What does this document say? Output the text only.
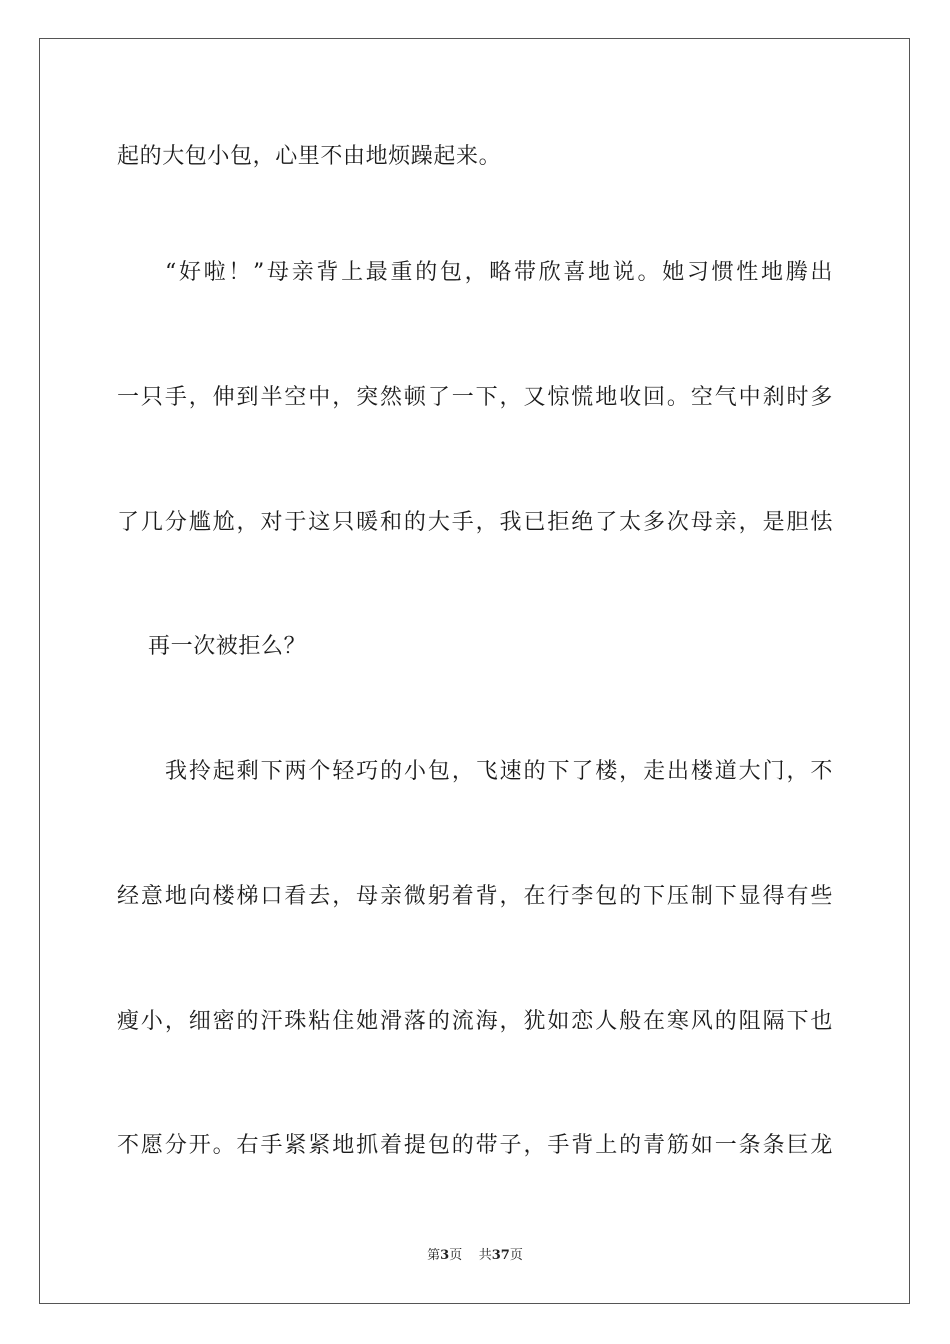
起的大包小包，心里不由地烦躁起来。
“好啦！”母亲背上最重的包，略带欣喜地说。她习惯性地腾出
一只手，伸到半空中，突然顿了一下，又惊慌地收回。空气中刹时多
了几分尴尬，对于这只暖和的大手，我已拒绝了太多次母亲，是胆怯
再一次被拒么？
我拎起剩下两个轻巧的小包，飞速的下了楼，走出楼道大门，不
经意地向楼梯口看去，母亲微躬着背，在行李包的下压制下显得有些
瘦小，细密的汗珠粘住她滑落的流海，犹如恋人般在寒风的阻隔下也
不愿分开。右手紧紧地抓着提包的带子，手背上的青筋如一条条巨龙
第3页 共37页
